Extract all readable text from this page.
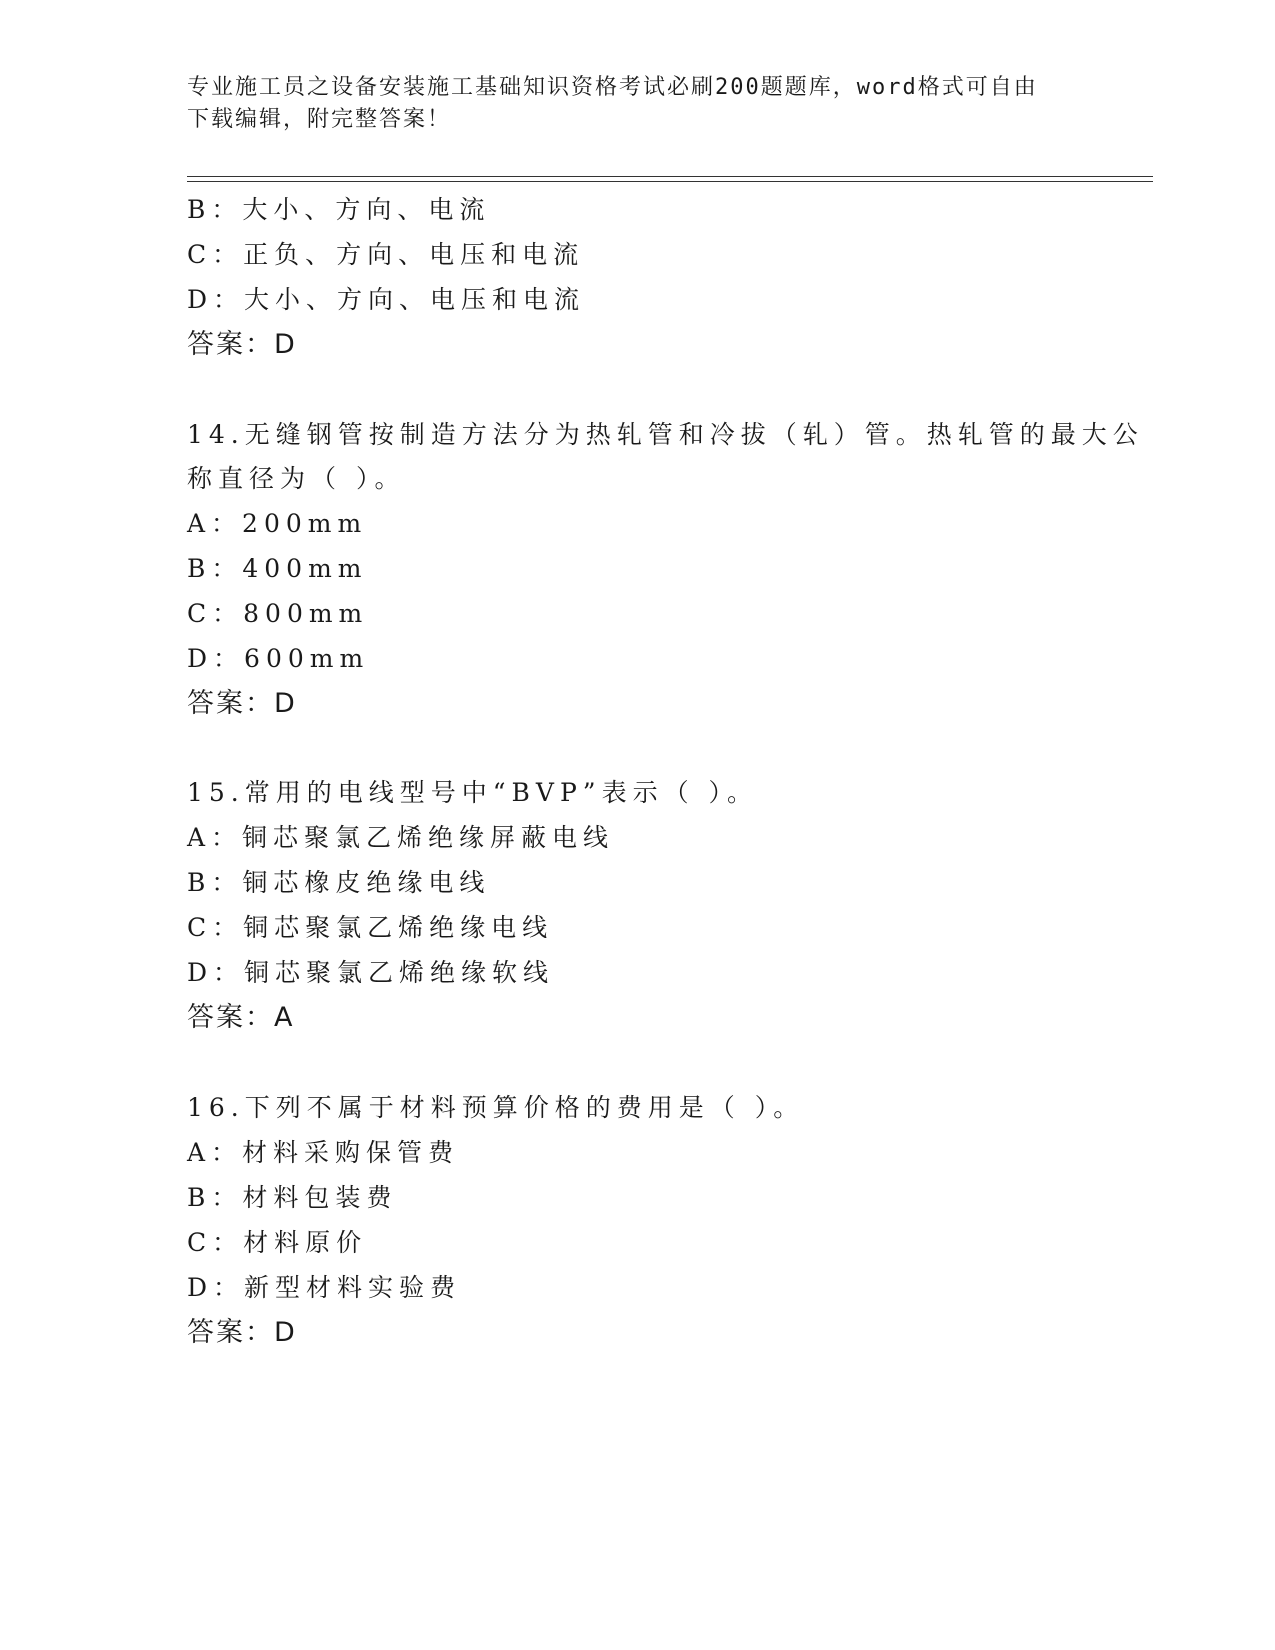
专业施工员之设备安装施工基础知识资格考试必刷200题题库，word格式可自由
下载编辑，附完整答案！
B：大小、方向、电流
C：正负、方向、电压和电流
D：大小、方向、电压和电流
答案：D
14.无缝钢管按制造方法分为热轧管和冷拔（轧）管。热轧管的最大公
称直径为（ ）。
A：200mm
B：400mm
C：800mm
D：600mm
答案：D
15.常用的电线型号中“BVP”表示（ ）。
A：铜芯聚氯乙烯绝缘屏蔽电线
B：铜芯橡皮绝缘电线
C：铜芯聚氯乙烯绝缘电线
D：铜芯聚氯乙烯绝缘软线
答案：A
16.下列不属于材料预算价格的费用是（ ）。
A：材料采购保管费
B：材料包装费
C：材料原价
D：新型材料实验费
答案：D
